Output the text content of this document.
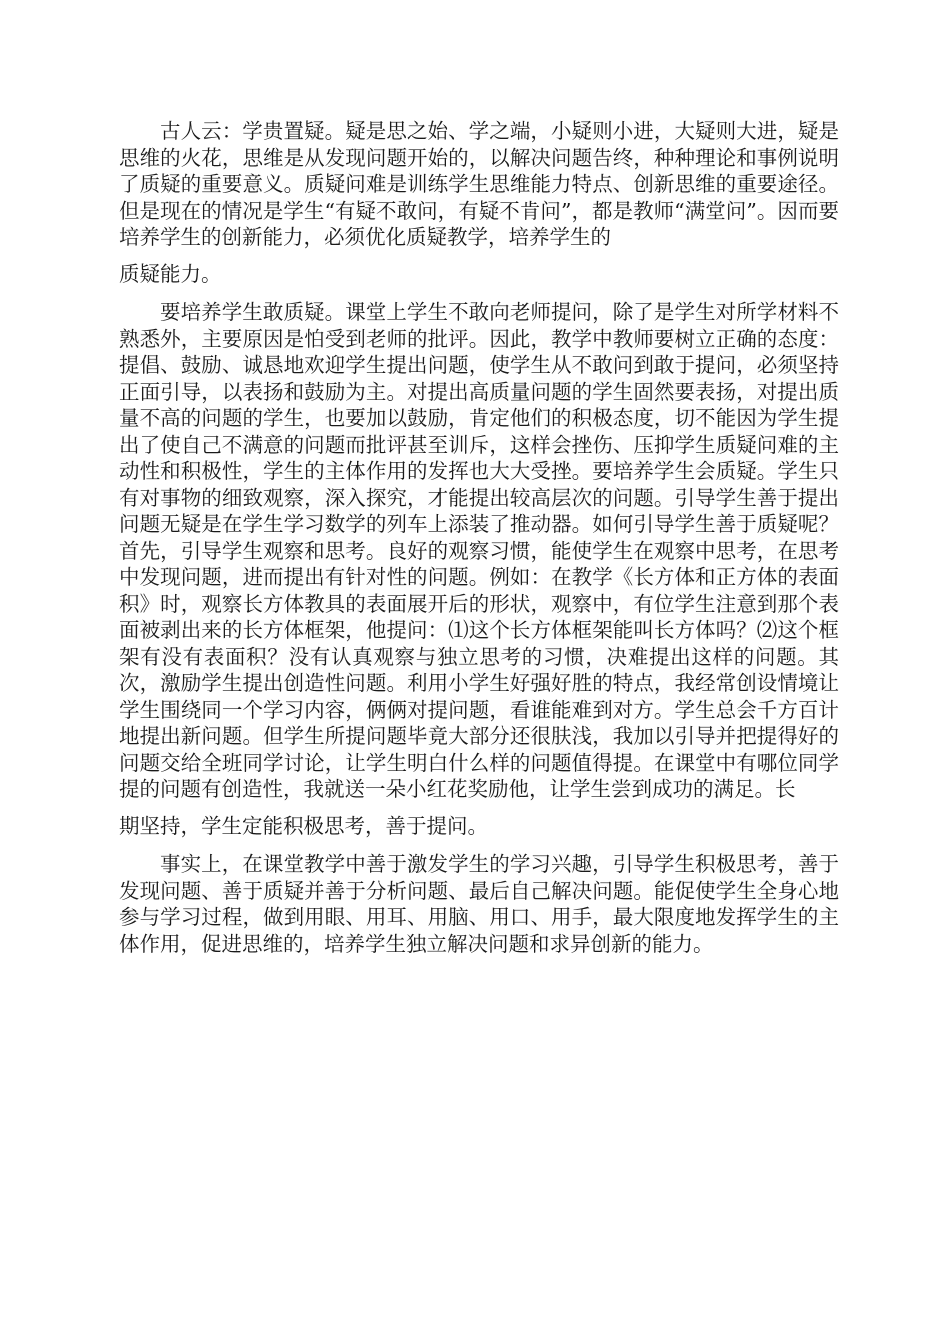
古人云：学贵置疑。疑是思之始、学之端，小疑则小进，大疑则大进，疑是思维的火花，思维是从发现问题开始的，以解决问题告终，种种理论和事例说明了质疑的重要意义。质疑问难是训练学生思维能力特点、创新思维的重要途径。但是现在的情况是学生“有疑不敢问，有疑不肯问”，都是教师“满堂问”。因而要培养学生的创新能力，必须优化质疑教学，培养学生的
质疑能力。

要培养学生敢质疑。课堂上学生不敢向老师提问，除了是学生对所学材料不熟悉外，主要原因是怕受到老师的批评。因此，教学中教师要树立正确的态度：提倡、鼓励、诚恳地欢迎学生提出问题，使学生从不敢问到敢于提问，必须坚持正面引导，以表扬和鼓励为主。对提出高质量问题的学生固然要表扬，对提出质量不高的问题的学生，也要加以鼓励，肯定他们的积极态度，切不能因为学生提出了使自己不满意的问题而批评甚至训斥，这样会挫伤、压抑学生质疑问难的主动性和积极性，学生的主体作用的发挥也大大受挫。要培养学生会质疑。学生只有对事物的细致观察，深入探究，才能提出较高层次的问题。引导学生善于提出问题无疑是在学生学习数学的列车上添装了推动器。如何引导学生善于质疑呢？首先，引导学生观察和思考。良好的观察习惯，能使学生在观察中思考，在思考中发现问题，进而提出有针对性的问题。例如：在教学《长方体和正方体的表面积》时，观察长方体教具的表面展开后的形状，观察中，有位学生注意到那个表面被剥出来的长方体框架，他提问：⑴这个长方体框架能叫长方体吗？⑵这个框架有没有表面积？没有认真观察与独立思考的习惯，决难提出这样的问题。其次，激励学生提出创造性问题。利用小学生好强好胜的特点，我经常创设情境让学生围绕同一个学习内容，俩俩对提问题，看谁能难到对方。学生总会千方百计地提出新问题。但学生所提问题毕竟大部分还很肤浅，我加以引导并把提得好的问题交给全班同学讨论，让学生明白什么样的问题值得提。在课堂中有哪位同学提的问题有创造性，我就送一朵小红花奖励他，让学生尝到成功的满足。长
期坚持，学生定能积极思考，善于提问。

事实上，在课堂教学中善于激发学生的学习兴趣，引导学生积极思考，善于发现问题、善于质疑并善于分析问题、最后自己解决问题。能促使学生全身心地参与学习过程，做到用眼、用耳、用脑、用口、用手，最大限度地发挥学生的主体作用，促进思维的，培养学生独立解决问题和求异创新的能力。
